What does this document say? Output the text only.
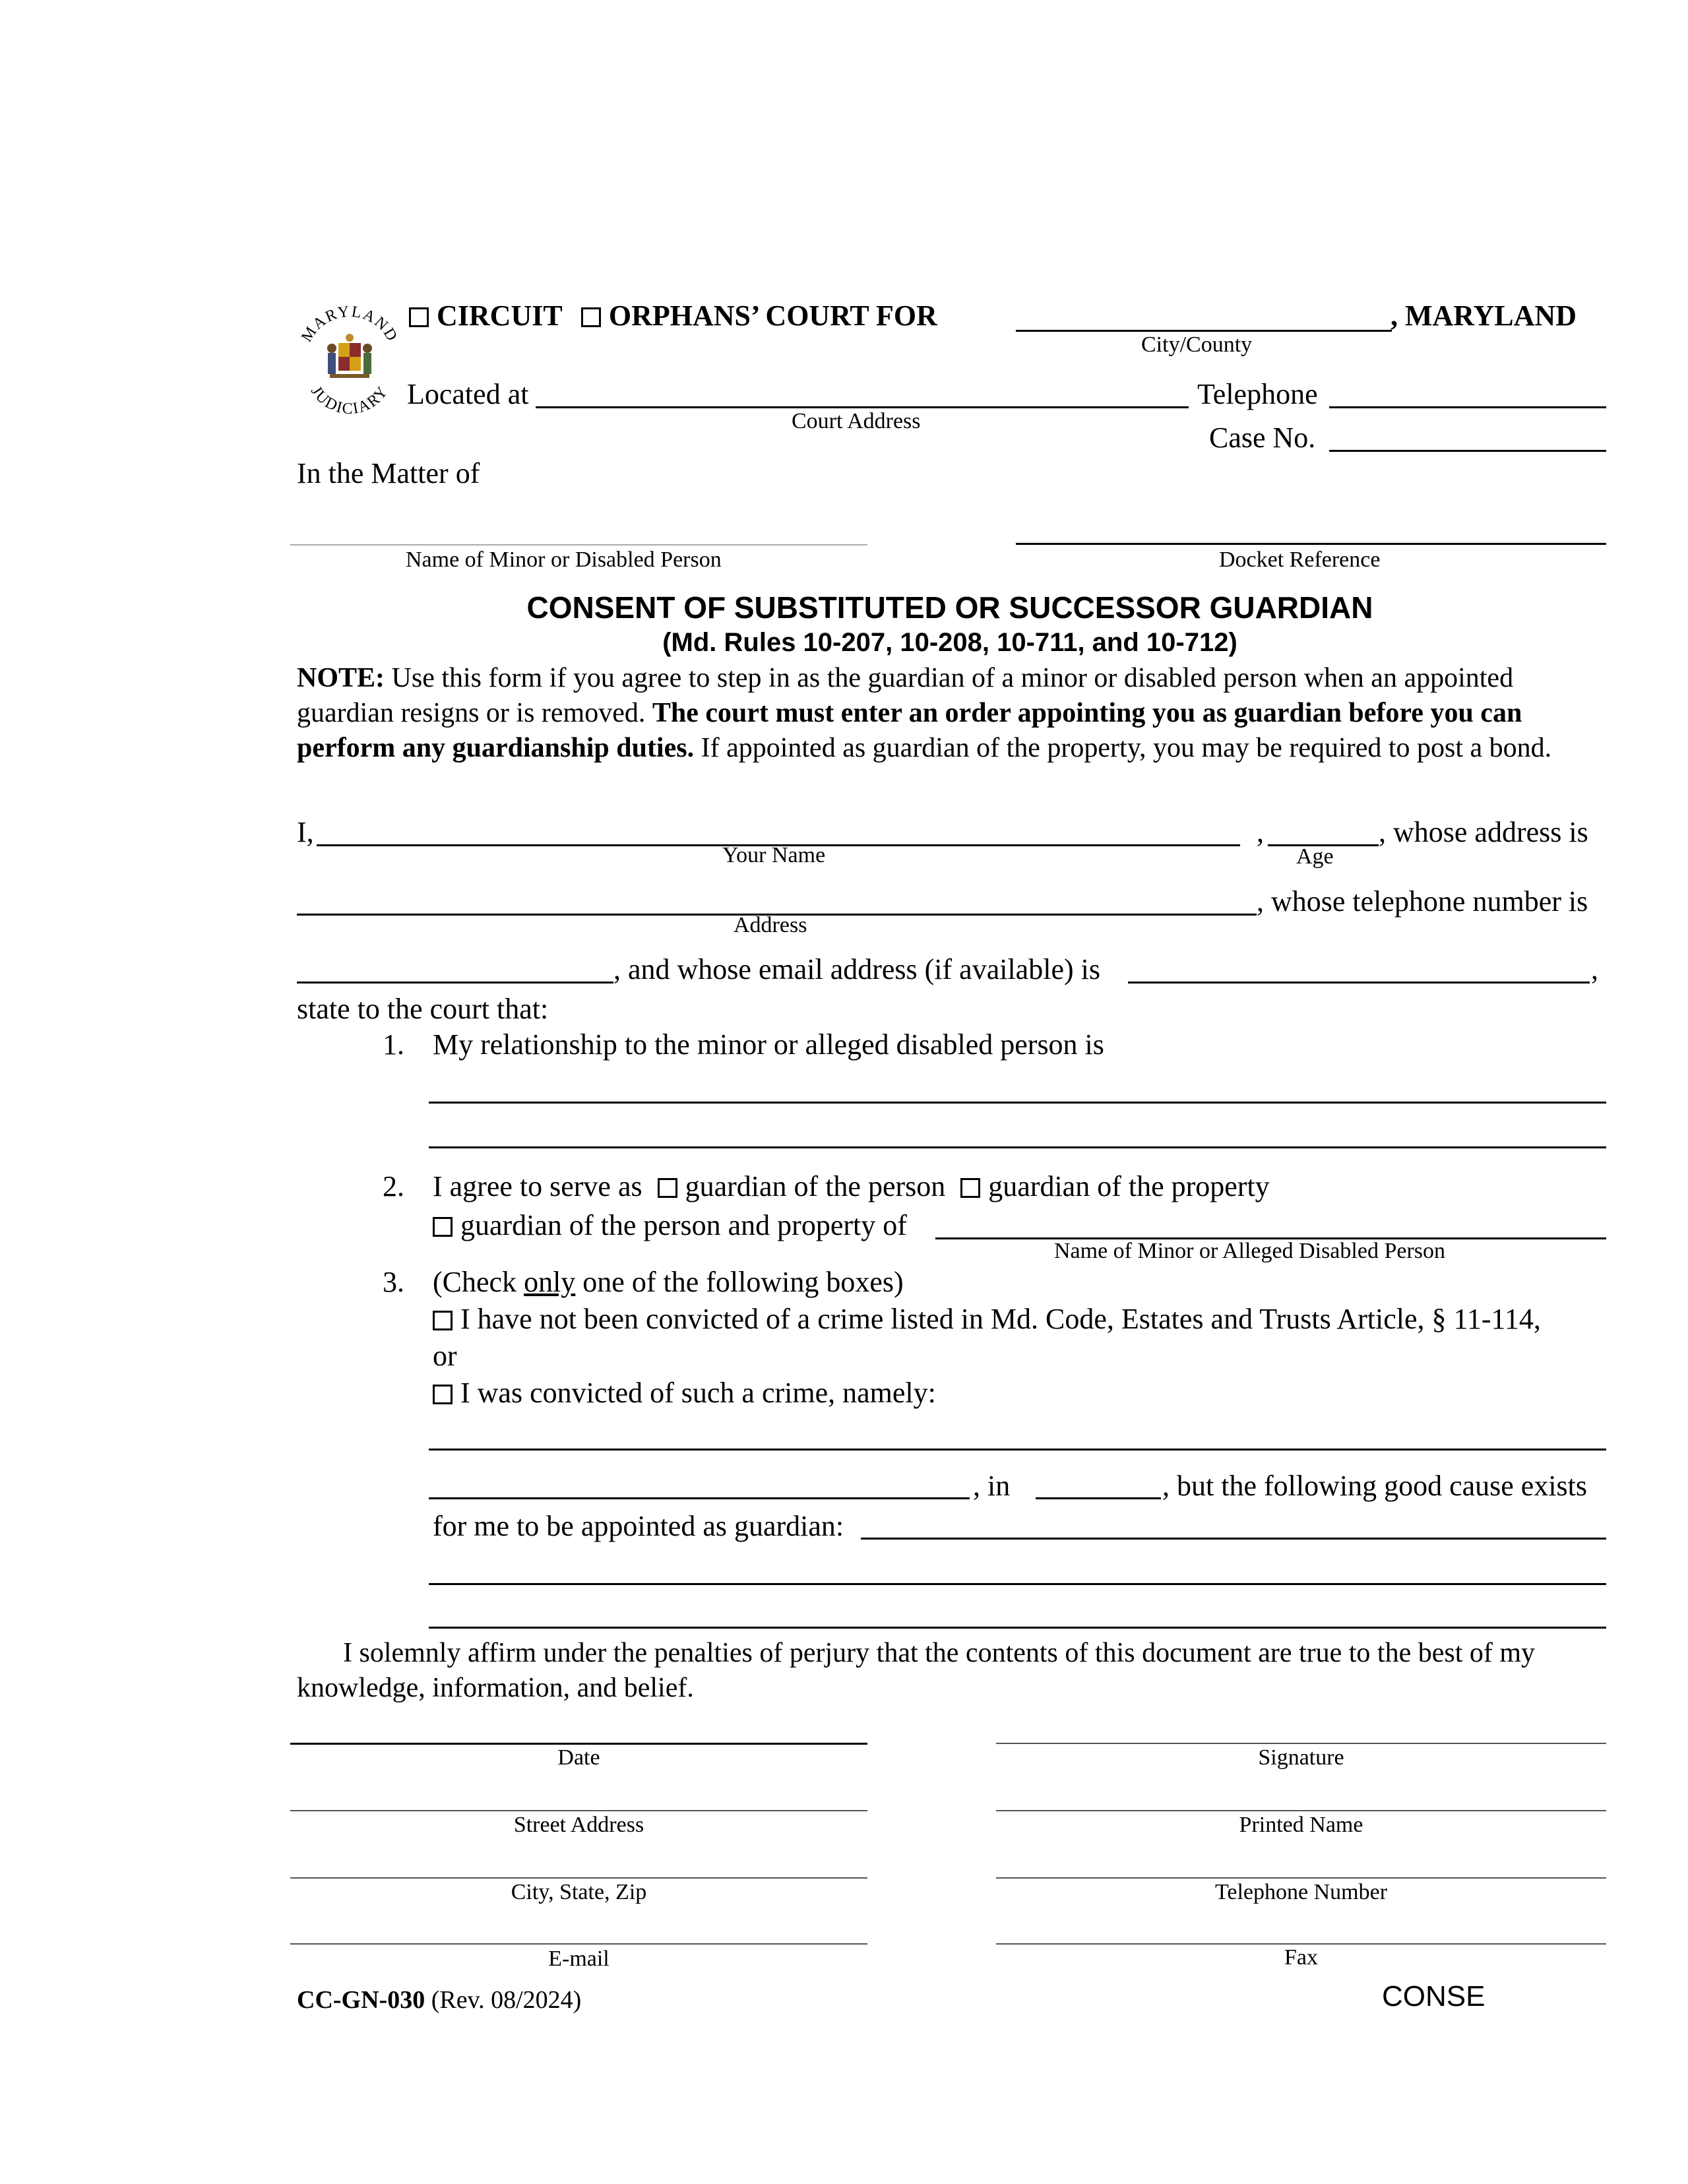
MARYLAND
JUDICIARY
CIRCUIT ORPHANS’ COURT FOR	, MARYLAND
City/County
Located at
Court Address
Telephone
Case No.
In the Matter of
Name of Minor or Disabled Person	Docket Reference
CONSENT OF SUBSTITUTED OR SUCCESSOR GUARDIAN
(Md. Rules 10-207, 10-208, 10-711, and 10-712)
NOTE: Use this form if you agree to step in as the guardian of a minor or disabled person when an appointed guardian resigns or is removed. The court must enter an order appointing you as guardian before you can perform any guardianship duties. If appointed as guardian of the property, you may be required to post a bond.
I,	,	, whose address is
Your Name	Age
, whose telephone number is
Address
, and whose email address (if available) is	,
state to the court that:
1. My relationship to the minor or alleged disabled person is
2. I agree to serve as guardian of the person guardian of the property
guardian of the person and property of
Name of Minor or Alleged Disabled Person
3. (Check only one of the following boxes)
I have not been convicted of a crime listed in Md. Code, Estates and Trusts Article, § 11-114,
or
I was convicted of such a crime, namely:
, in	, but the following good cause exists
for me to be appointed as guardian:
I solemnly affirm under the penalties of perjury that the contents of this document are true to the best of my knowledge, information, and belief.
Date	Signature
Street Address	Printed Name
City, State, Zip	Telephone Number
E-mail	Fax
CC-GN-030 (Rev. 08/2024)	CONSE
